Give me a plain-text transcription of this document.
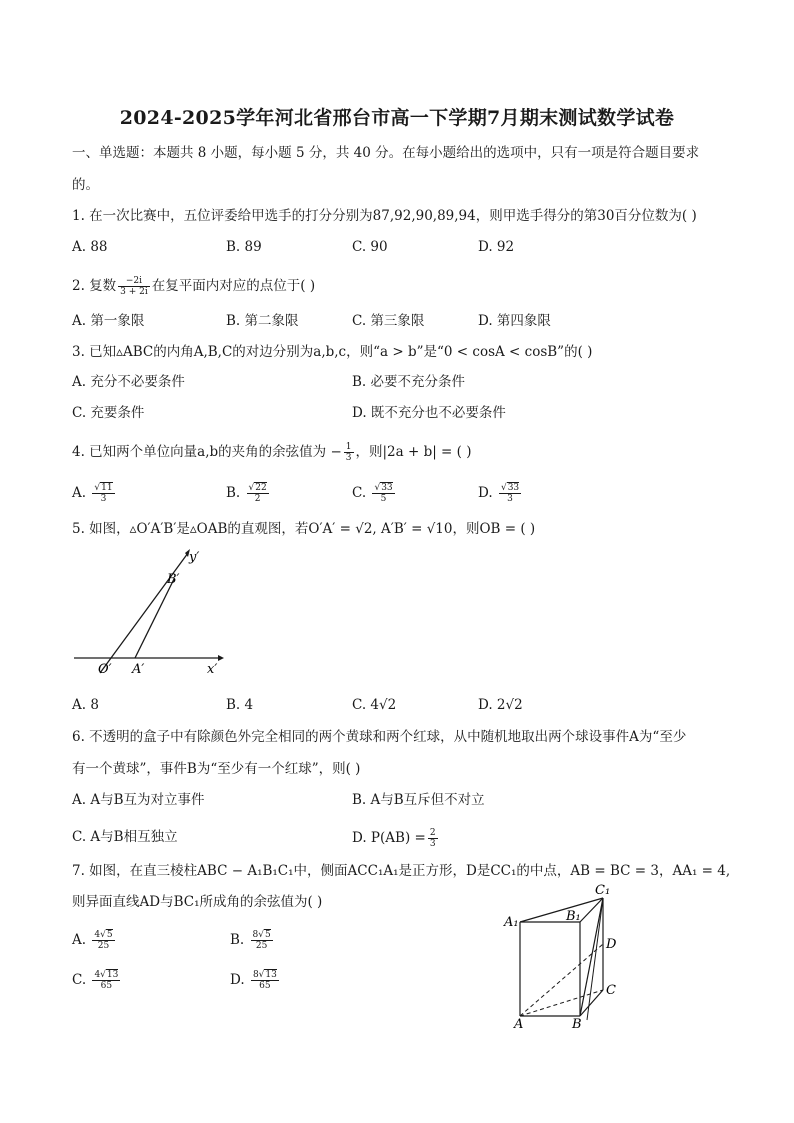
2024-2025学年河北省邢台市高一下学期7月期末测试数学试卷
一、单选题：本题共 8 小题，每小题 5 分，共 40 分。在每小题给出的选项中，只有一项是符合题目要求
的。
1. 在一次比赛中，五位评委给甲选手的打分分别为87,92,90,89,94，则甲选手得分的第30百分位数为( )
A. 88	B. 89	C. 90	D. 92
2. 复数 $\frac{-2i}{3 + 2i}$ 在复平面内对应的点位于( )
A. 第一象限	B. 第二象限	C. 第三象限	D. 第四象限
3. 已知▵ABC的内角A,B,C的对边分别为a,b,c，则“a > b”是“0 < cosA < cosB”的( )
A. 充分不必要条件	B. 必要不充分条件
C. 充要条件	D. 既不充分也不必要条件
4. 已知两个单位向量a,b的夹角的余弦值为 − $\frac{1}{3}$ ，则|2a + b| = ( )
A. $\frac{√11}{3}$	B. $\frac{√22}{2}$	C. $\frac{√33}{5}$	D. $\frac{√33}{3}$
5. 如图，▵O′A′B′是▵OAB的直观图，若O′A′ = √2, A′B′ = √10，则OB = ( )
y′
B′
O′ A′	x′
A. 8	B. 4	C. 4√2	D. 2√2
6. 不透明的盒子中有除颜色外完全相同的两个黄球和两个红球，从中随机地取出两个球设事件A为“至少
有一个黄球”，事件B为“至少有一个红球”，则( )
A. A与B互为对立事件	B. A与B互斥但不对立
C. A与B相互独立	D. $P(AB) = \frac{2}{3}$
7. 如图，在直三棱柱ABC − A₁B₁C₁中，侧面ACC₁A₁是正方形，D是CC₁的中点，AB = BC = 3，AA₁ = 4,
则异面直线AD与BC₁所成角的余弦值为( )
A. $\frac{4√5}{25}$	B. $\frac{8√5}{25}$
C. $\frac{4√13}{65}$	D. $\frac{8√13}{65}$
A₁	B₁
C₁
D
C
A	B
